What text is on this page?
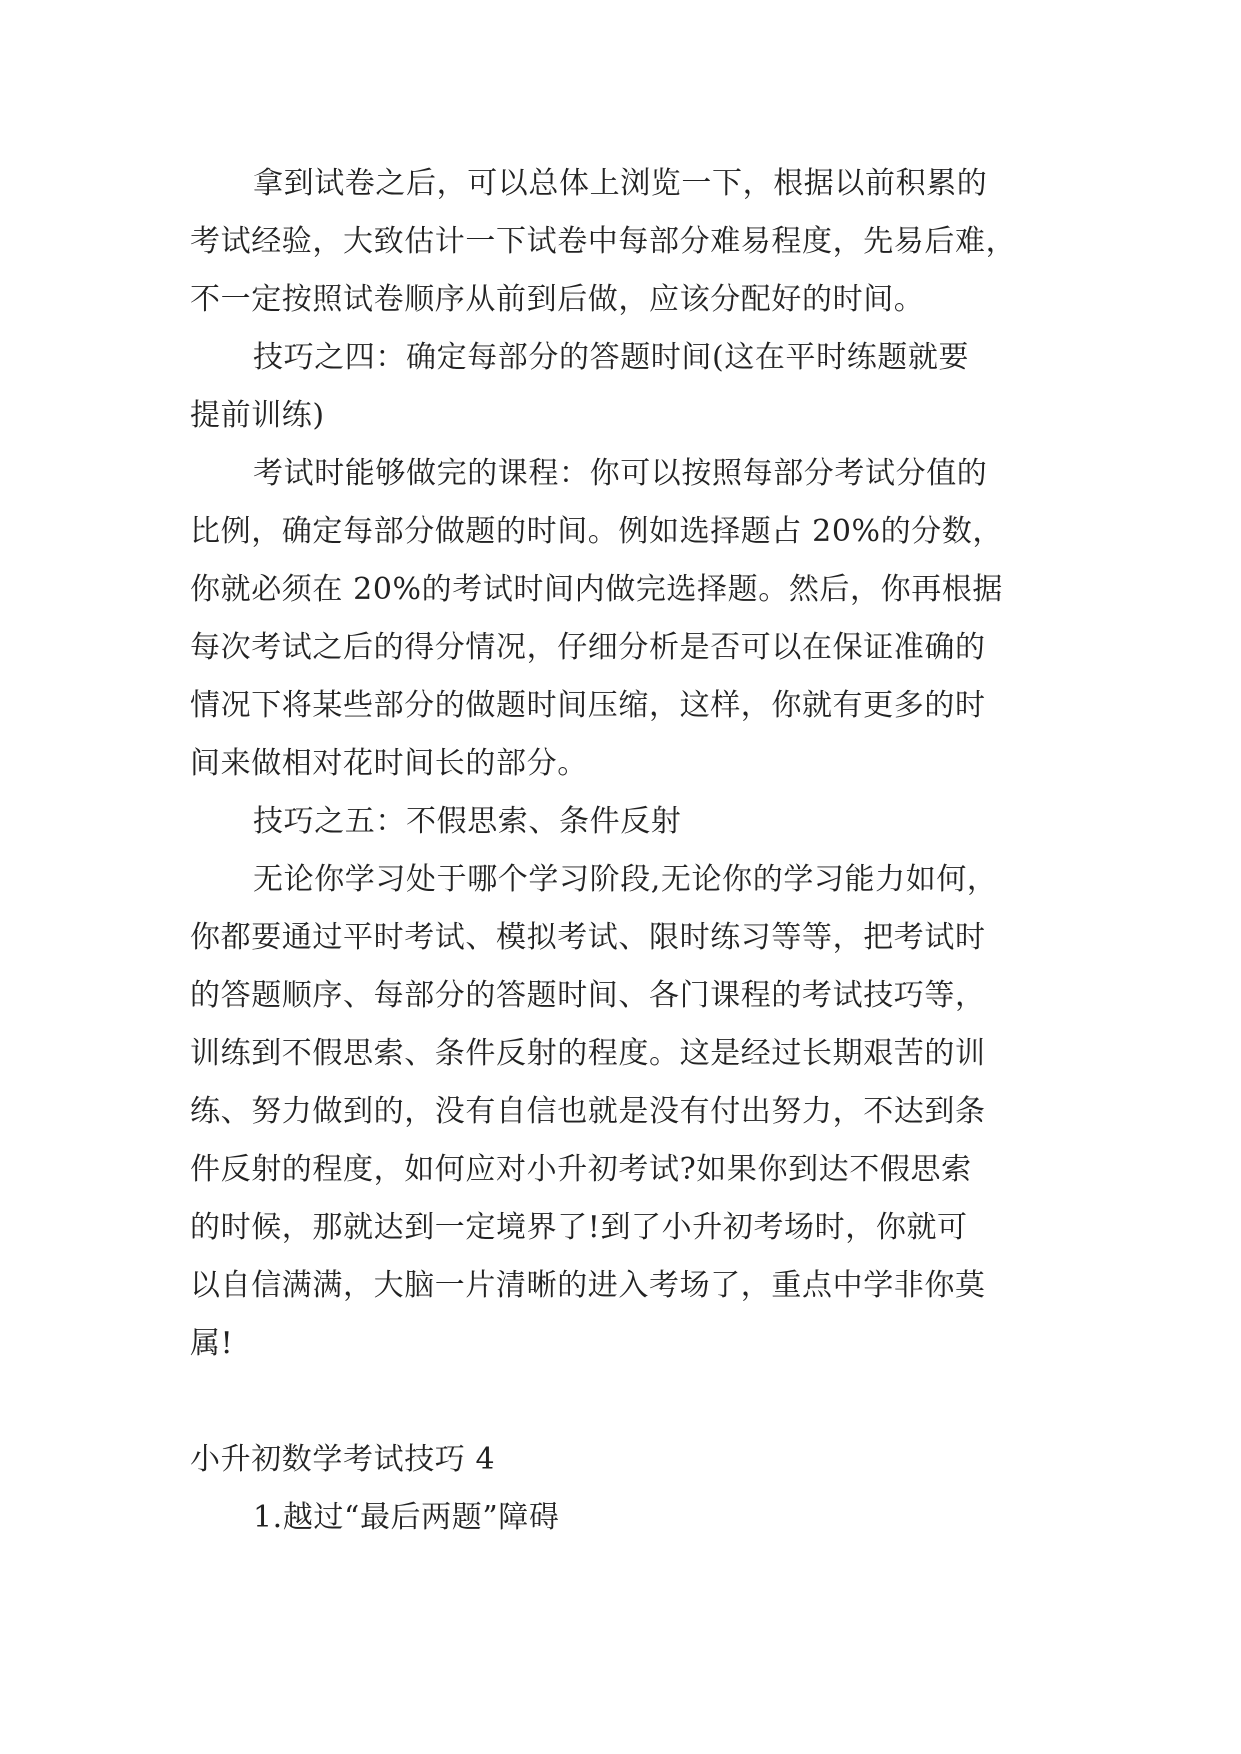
拿到试卷之后，可以总体上浏览一下，根据以前积累的
考试经验，大致估计一下试卷中每部分难易程度，先易后难，
不一定按照试卷顺序从前到后做，应该分配好的时间。
技巧之四：确定每部分的答题时间(这在平时练题就要
提前训练)
考试时能够做完的课程：你可以按照每部分考试分值的
比例，确定每部分做题的时间。例如选择题占 20%的分数，
你就必须在 20%的考试时间内做完选择题。然后，你再根据
每次考试之后的得分情况，仔细分析是否可以在保证准确的
情况下将某些部分的做题时间压缩，这样，你就有更多的时
间来做相对花时间长的部分。
技巧之五：不假思索、条件反射
无论你学习处于哪个学习阶段,无论你的学习能力如何，
你都要通过平时考试、模拟考试、限时练习等等，把考试时
的答题顺序、每部分的答题时间、各门课程的考试技巧等，
训练到不假思索、条件反射的程度。这是经过长期艰苦的训
练、努力做到的，没有自信也就是没有付出努力，不达到条
件反射的程度，如何应对小升初考试?如果你到达不假思索
的时候，那就达到一定境界了!到了小升初考场时，你就可
以自信满满，大脑一片清晰的进入考场了，重点中学非你莫
属!
小升初数学考试技巧 4
1.越过“最后两题”障碍
